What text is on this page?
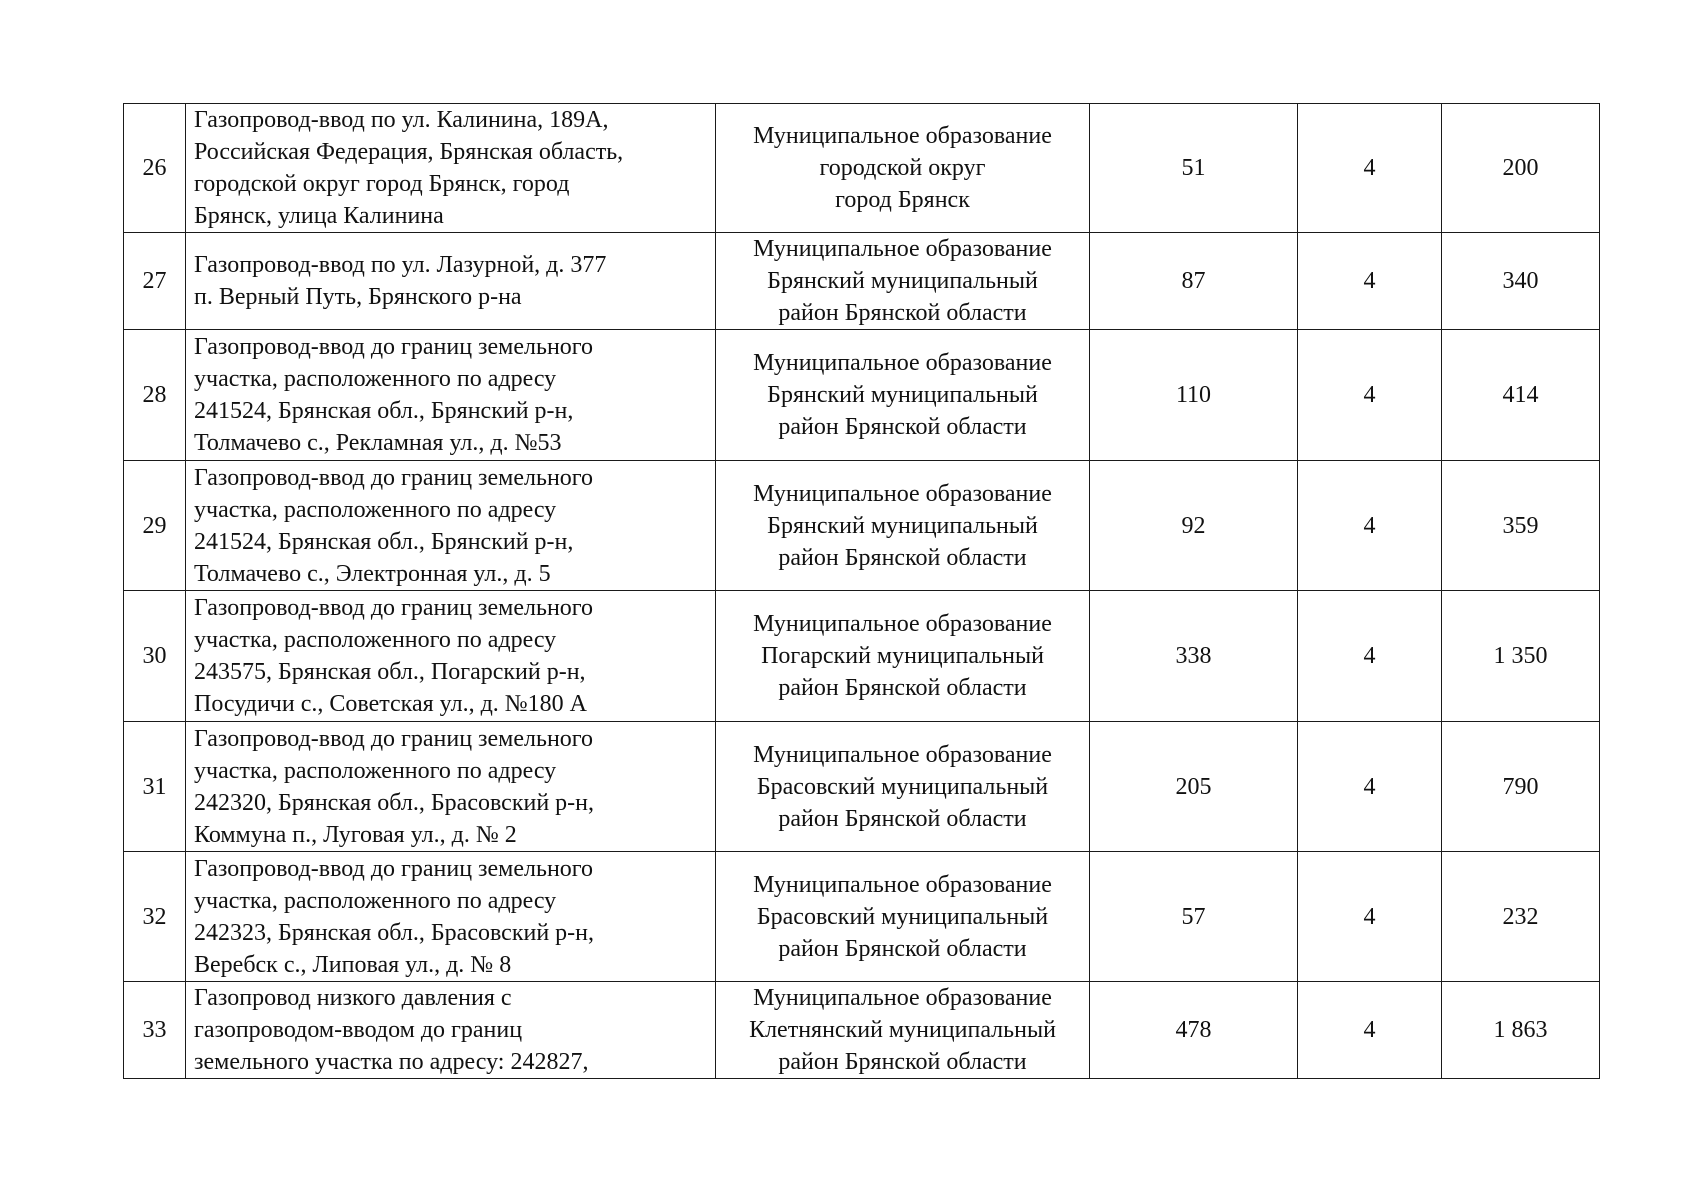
26	Газопровод-ввод по ул. Калинина, 189А,
Российская Федерация, Брянская область,
городской округ город Брянск, город
Брянск, улица Калинина	Муниципальное образование
городской округ
город Брянск	51	4	200
27	Газопровод-ввод по ул. Лазурной, д. 377
п. Верный Путь, Брянского р-на	Муниципальное образование
Брянский муниципальный
район Брянской области	87	4	340
28	Газопровод-ввод до границ земельного
участка, расположенного по адресу
241524, Брянская обл., Брянский р-н,
Толмачево с., Рекламная ул., д. №53	Муниципальное образование
Брянский муниципальный
район Брянской области	110	4	414
29	Газопровод-ввод до границ земельного
участка, расположенного по адресу
241524, Брянская обл., Брянский р-н,
Толмачево с., Электронная ул., д. 5	Муниципальное образование
Брянский муниципальный
район Брянской области	92	4	359
30	Газопровод-ввод до границ земельного
участка, расположенного по адресу
243575, Брянская обл., Погарский р-н,
Посудичи с., Советская ул., д. №180 А	Муниципальное образование
Погарский муниципальный
район Брянской области	338	4	1 350
31	Газопровод-ввод до границ земельного
участка, расположенного по адресу
242320, Брянская обл., Брасовский р-н,
Коммуна п., Луговая ул., д. № 2	Муниципальное образование
Брасовский муниципальный
район Брянской области	205	4	790
32	Газопровод-ввод до границ земельного
участка, расположенного по адресу
242323, Брянская обл., Брасовский р-н,
Веребск с., Липовая ул., д. № 8	Муниципальное образование
Брасовский муниципальный
район Брянской области	57	4	232
33	Газопровод низкого давления с
газопроводом-вводом до границ
земельного участка по адресу: 242827,	Муниципальное образование
Клетнянский муниципальный
район Брянской области	478	4	1 863
